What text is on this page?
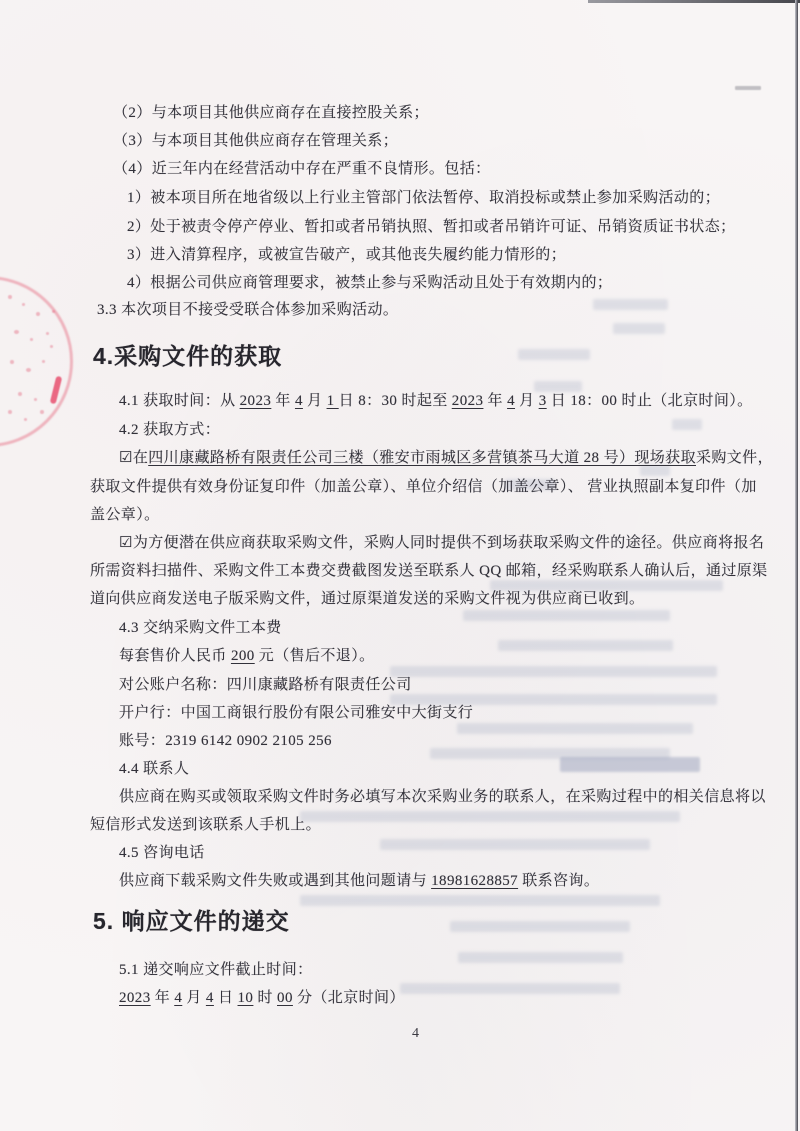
（2）与本项目其他供应商存在直接控股关系；
（3）与本项目其他供应商存在管理关系；
（4）近三年内在经营活动中存在严重不良情形。包括：
1）被本项目所在地省级以上行业主管部门依法暂停、取消投标或禁止参加采购活动的；
2）处于被责令停产停业、暂扣或者吊销执照、暂扣或者吊销许可证、吊销资质证书状态；
3）进入清算程序，或被宣告破产，或其他丧失履约能力情形的；
4）根据公司供应商管理要求，被禁止参与采购活动且处于有效期内的；
3.3 本次项目不接受受联合体参加采购活动。
4.采购文件的获取
4.1 获取时间：从 2023 年 4 月 1 日 8：30 时起至 2023 年 4 月 3 日 18：00 时止（北京时间）。
4.2 获取方式：
☑在四川康藏路桥有限责任公司三楼（雅安市雨城区多营镇茶马大道 28 号）现场获取采购文件，
获取文件提供有效身份证复印件（加盖公章）、单位介绍信（加盖公章）、 营业执照副本复印件（加
盖公章）。
☑为方便潜在供应商获取采购文件，采购人同时提供不到场获取采购文件的途径。供应商将报名
所需资料扫描件、采购文件工本费交费截图发送至联系人 QQ 邮箱，经采购联系人确认后，通过原渠
道向供应商发送电子版采购文件，通过原渠道发送的采购文件视为供应商已收到。
4.3 交纳采购文件工本费
每套售价人民币 200 元（售后不退）。
对公账户名称：四川康藏路桥有限责任公司
开户行：中国工商银行股份有限公司雅安中大街支行
账号：2319 6142 0902 2105 256
4.4 联系人
供应商在购买或领取采购文件时务必填写本次采购业务的联系人，在采购过程中的相关信息将以
短信形式发送到该联系人手机上。
4.5 咨询电话
供应商下载采购文件失败或遇到其他问题请与 18981628857 联系咨询。
5. 响应文件的递交
5.1 递交响应文件截止时间：
2023 年 4 月 4 日 10 时 00 分（北京时间）
4
